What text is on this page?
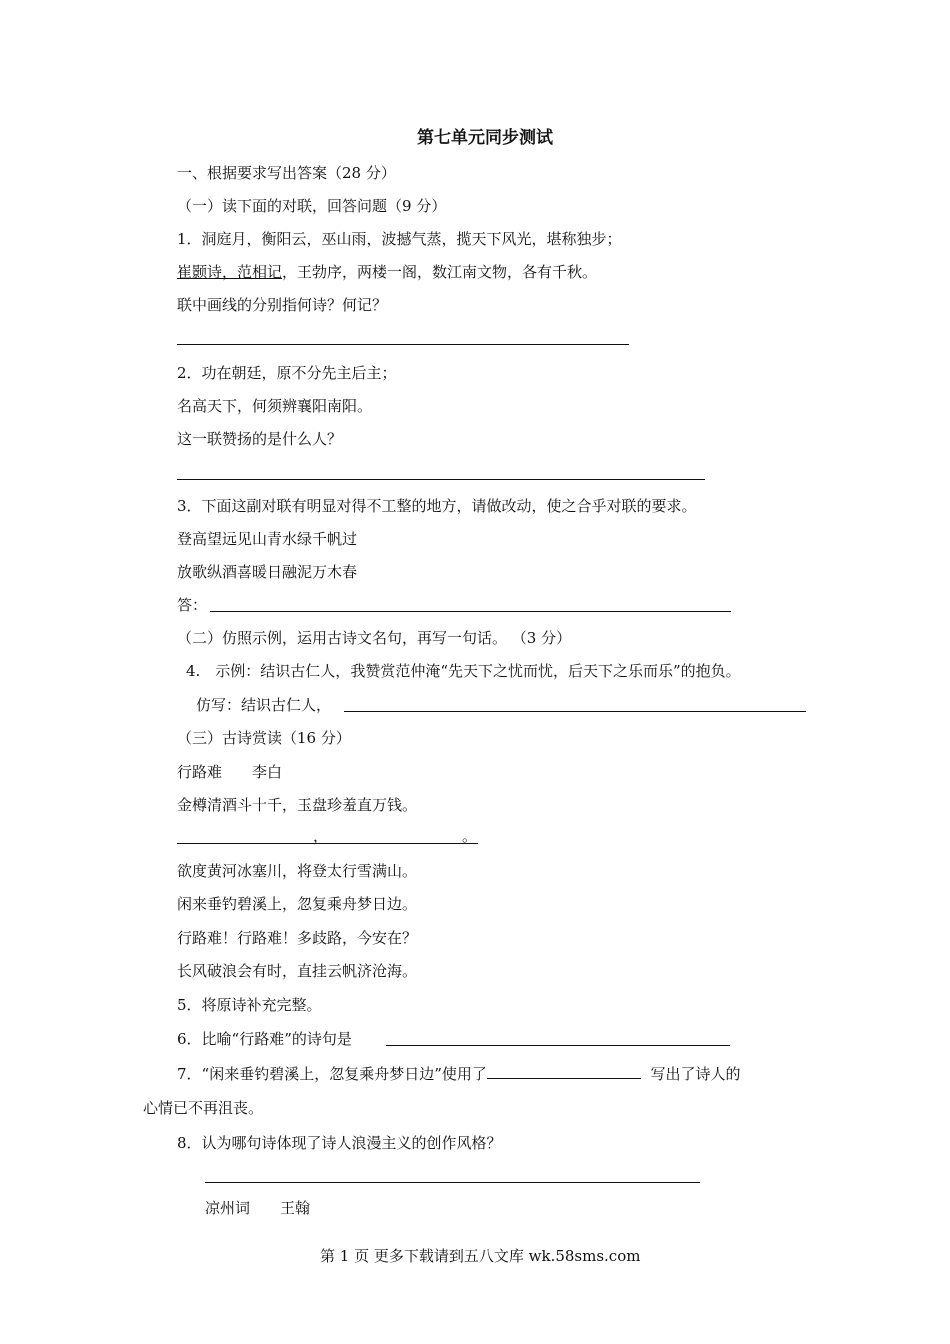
第七单元同步测试
一、根据要求写出答案（28 分）
（一）读下面的对联，回答问题（9 分）
1．洞庭月，衡阳云，巫山雨，波撼气蒸，揽天下风光，堪称独步；
崔颢诗，范相记，王勃序，两楼一阁，数江南文物，各有千秋。
联中画线的分别指何诗？何记？
2．功在朝廷，原不分先主后主；
名高天下，何须辨襄阳南阳。
这一联赞扬的是什么人？
3．下面这副对联有明显对得不工整的地方，请做改动，使之合乎对联的要求。
登高望远见山青水绿千帆过
放歌纵酒喜暖日融泥万木春
答：
（二）仿照示例，运用古诗文名句，再写一句话。 （3 分）
4.　示例：结识古仁人，我赞赏范仲淹“先天下之忧而忧，后天下之乐而乐”的抱负。
仿写：结识古仁人，
（三）古诗赏读（16 分）
行路难　　李白
金樽清酒斗十千，玉盘珍羞直万钱。
，	。
欲度黄河冰塞川，将登太行雪满山。
闲来垂钓碧溪上，忽复乘舟梦日边。
行路难！行路难！多歧路，今安在？
长风破浪会有时，直挂云帆济沧海。
5．将原诗补充完整。
6．比喻“行路难”的诗句是
7．“闲来垂钓碧溪上，忽复乘舟梦日边”使用了	写出了诗人的
心情已不再沮丧。
8．认为哪句诗体现了诗人浪漫主义的创作风格？
凉州词　　王翰
第 1 页 更多下载请到五八文库 wk.58sms.com
